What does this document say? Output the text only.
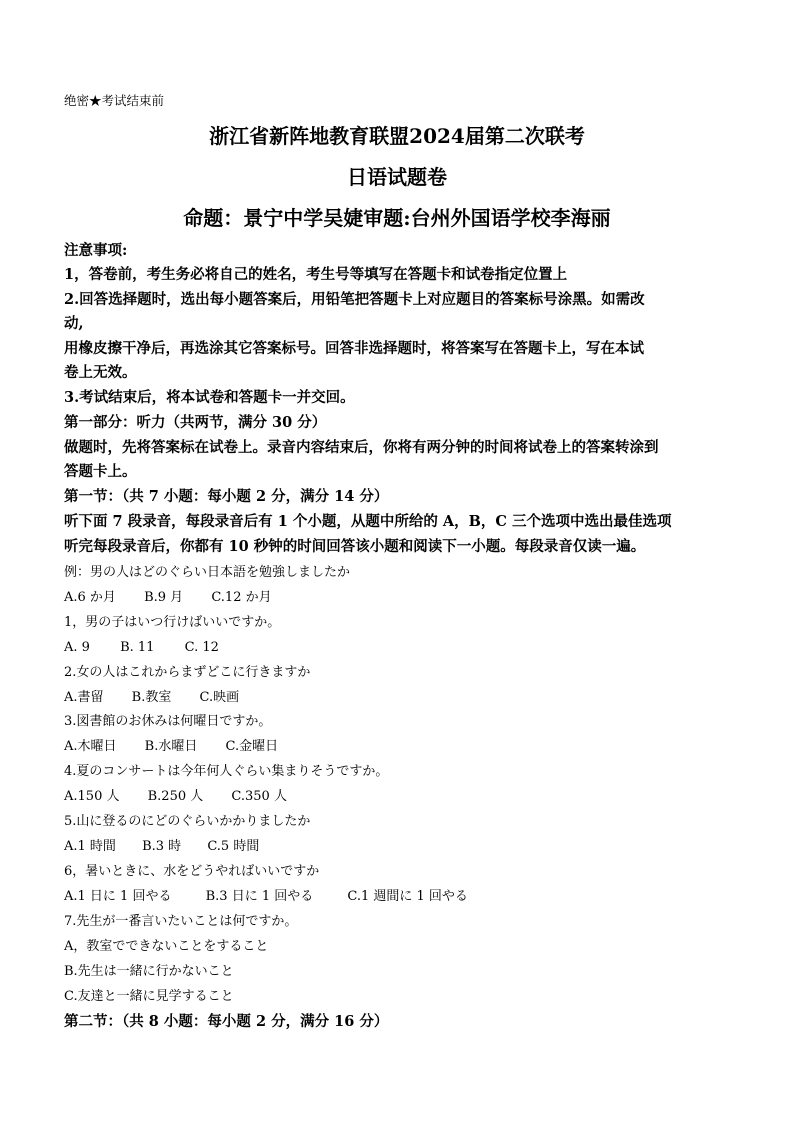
绝密★考试结束前
浙江省新阵地教育联盟2024届第二次联考
日语试题卷
命题：景宁中学吴婕审题:台州外国语学校李海丽
注意事项:
1，答卷前，考生务必将自己的姓名，考生号等填写在答题卡和试卷指定位置上
2.回答选择题时，选出每小题答案后，用铅笔把答题卡上对应题目的答案标号涂黑。如需改
动,
用橡皮擦干净后，再选涂其它答案标号。回答非选择题时，将答案写在答题卡上，写在本试
卷上无效。
3.考试结束后，将本试卷和答题卡一并交回。
第一部分：听力（共两节，满分 30 分）
做题时，先将答案标在试卷上。录音内容结束后，你将有两分钟的时间将试卷上的答案转涂到
答题卡上。
第一节：（共 7 小题：每小题 2 分，满分 14 分）
听下面 7 段录音，每段录音后有 1 个小题，从题中所给的 A，B，C 三个选项中选出最佳选项
听完每段录音后，你都有 10 秒钟的时间回答该小题和阅读下一小题。每段录音仅读一遍。
例：男の人はどのぐらい日本語を勉強しましたか
A.6 か月 B.9 月 C.12 か月
1，男の子はいつ行けばいいですか。
A. 9 B. 11 C. 12
2.女の人はこれからまずどこに行きますか
A.書留 B.教室 C.映画
3.図書館のお休みは何曜日ですか。
A.木曜日 B.水曜日 C.金曜日
4.夏のコンサートは今年何人ぐらい集まりそうですか。
A.150 人 B.250 人 C.350 人
5.山に登るのにどのぐらいかかりましたか
A.1 時間 B.3 時 C.5 時間
6，暑いときに、水をどうやればいいですか
A.1 日に 1 回やる	B.3 日に 1 回やる	C.1 週間に 1 回やる
7.先生が一番言いたいことは何ですか。
A，教室でできないことをすること
B.先生は一緒に行かないこと
C.友達と一緒に見学すること
第二节：（共 8 小题：每小题 2 分，满分 16 分）
